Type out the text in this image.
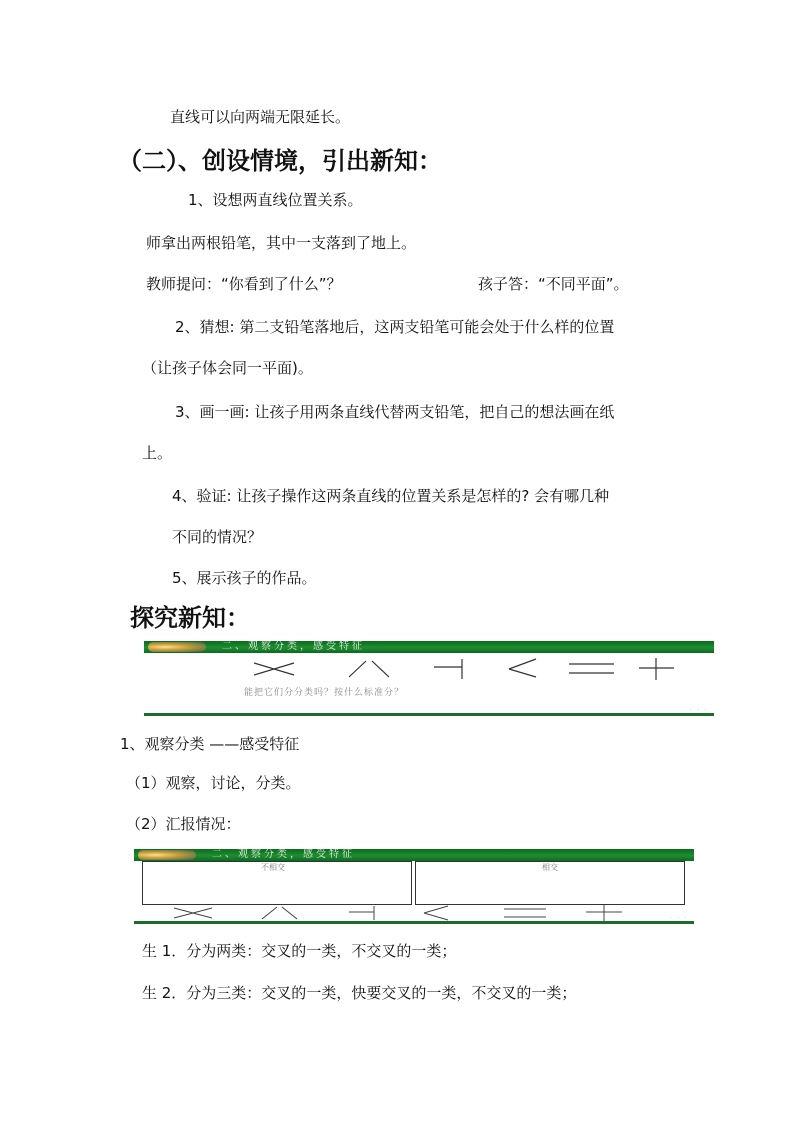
直线可以向两端无限延长。
（二）、创设情境，引出新知：
1、设想两直线位置关系。
师拿出两根铅笔，其中一支落到了地上。
教师提问：“你看到了什么”？	孩子答：“不同平面”。
2、猜想: 第二支铅笔落地后，这两支铅笔可能会处于什么样的位置
（让孩子体会同一平面)。
3、画一画: 让孩子用两条直线代替两支铅笔，把自己的想法画在纸
上。
4、验证: 让孩子操作这两条直线的位置关系是怎样的? 会有哪几种
不同的情况？
5、展示孩子的作品。
探究新知：
二、观察分类，感受特征
能把它们分分类吗？按什么标准分？
· · ·
1、观察分类 ——感受特征
（1）观察，讨论，分类。
（2）汇报情况：
二、观察分类，感受特征
不相交	相交
· · ·
生 1．分为两类：交叉的一类，不交叉的一类；
生 2．分为三类：交叉的一类，快要交叉的一类，不交叉的一类；
